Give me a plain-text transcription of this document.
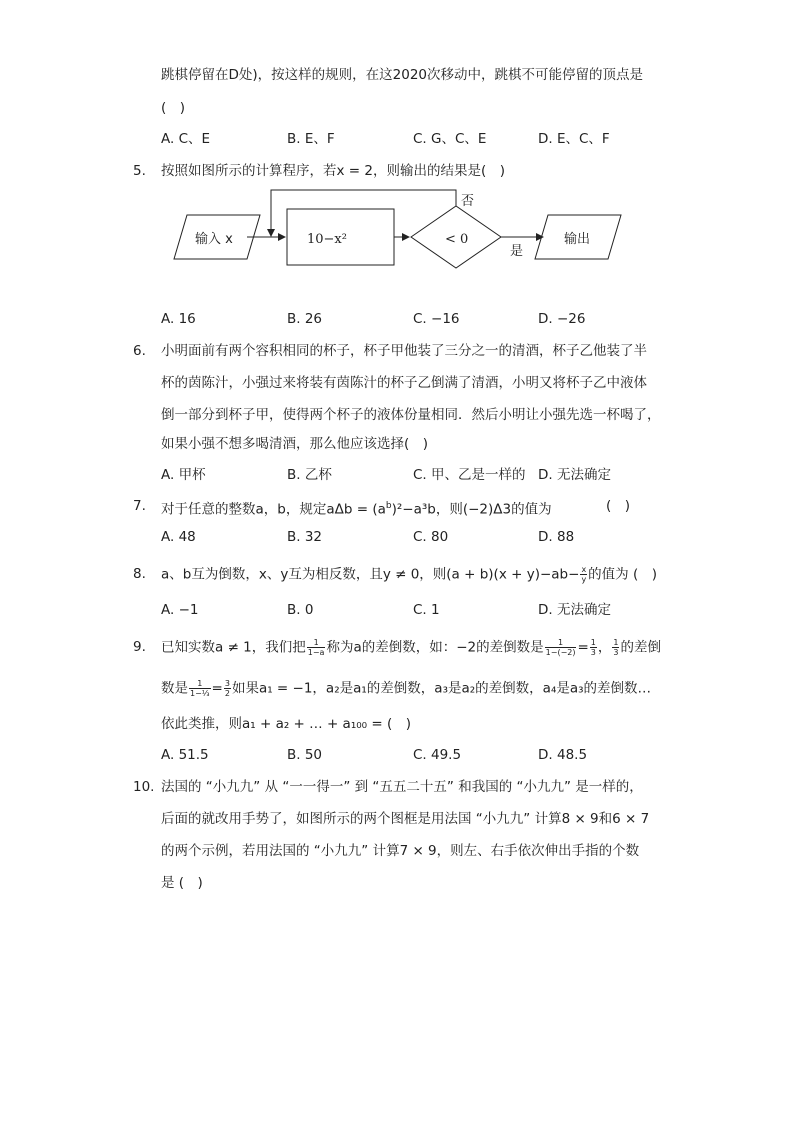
跳棋停留在D处)，按这样的规则，在这2020次移动中，跳棋不可能停留的顶点是
(　)
A. C、E	B. E、F	C. G、C、E	D. E、C、F
5. 按照如图所示的计算程序，若x = 2，则输出的结果是(　)
输入 x	10−x²	< 0
否
是
输出
A. 16	B. 26	C. −16	D. −26
6. 小明面前有两个容积相同的杯子，杯子甲他装了三分之一的清酒，杯子乙他装了半
杯的茵陈汁，小强过来将装有茵陈汁的杯子乙倒满了清酒，小明又将杯子乙中液体
倒一部分到杯子甲，使得两个杯子的液体份量相同．然后小明让小强先选一杯喝了，
如果小强不想多喝清酒，那么他应该选择(　)
A. 甲杯	B. 乙杯	C. 甲、乙是一样的 D. 无法确定
7. 对于任意的整数a，b，规定$a\Delta b = (a^b)^2-a^3b$，则(−2)Δ3的值为	(　)
A. 48	B. 32	C. 80	D. 88
8. a、b互为倒数，x、y互为相反数，且y ≠ 0，则$(a + b)(x + y)-ab- \frac{x}{y}$ 的值为 (　)
A. −1	B. 0	C. 1	D. 无法确定
9. 已知实数a ≠ 1，我们把 $\frac{1}{1-a}$ 称为a的差倒数，如：−2的差倒数是 $\frac{1}{1-(-2)} = \frac{1}{3}$ ， $\frac{1}{3}$ 的差倒
数是 $\frac{1}{\text{1−⅓}} = \frac{3}{2}$ 如果a₁ = −1，a₂是a₁的差倒数，a₃是a₂的差倒数，a₄是a₃的差倒数…
依此类推，则a₁ + a₂ + … + a₁₀₀ = (　)
A. 51.5	B. 50	C. 49.5	D. 48.5
10. 法国的 “小九九” 从 “一一得一” 到 “五五二十五” 和我国的 “小九九” 是一样的，
后面的就改用手势了，如图所示的两个图框是用法国 “小九九” 计算8 × 9和6 × 7
的两个示例，若用法国的 “小九九” 计算7 × 9，则左、右手依次伸出手指的个数
是 (　)
